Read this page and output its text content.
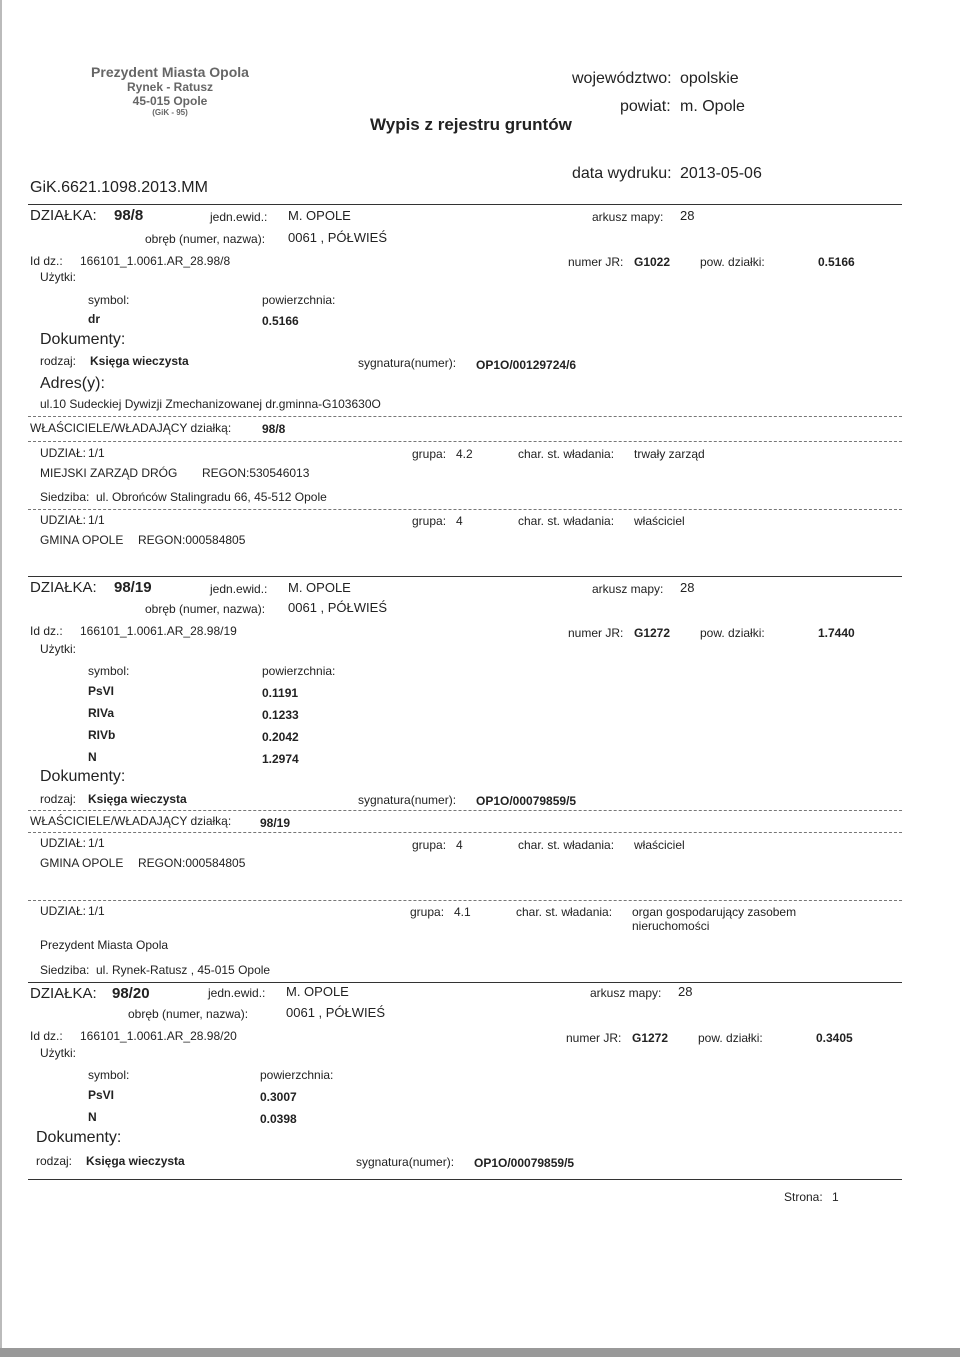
Prezydent Miasta Opola
Rynek - Ratusz
45-015 Opole
(GiK - 95)
Wypis z rejestru gruntów
województwo: opolskie
powiat: m. Opole
data wydruku: 2013-05-06
GiK.6621.1098.2013.MM
DZIAŁKA: 98/8	jedn.ewid.: M. OPOLE	arkusz mapy: 28
obręb (numer, nazwa): 0061 , PÓŁWIEŚ
Id dz.: 166101_1.0061.AR_28.98/8	numer JR: G1022 pow. działki:	0.5166
Użytki:
symbol:	powierzchnia:
dr	0.5166
Dokumenty:
rodzaj: Księga wieczysta	sygnatura(numer): OP1O/00129724/6
Adres(y):
ul.10 Sudeckiej Dywizji Zmechanizowanej dr.gminna-G103630O
WŁAŚCICIELE/WŁADAJĄCY działką:	98/8
UDZIAŁ: 1/1	grupa: 4.2	char. st. władania: trwały zarząd
MIEJSKI ZARZĄD DRÓG REGON:530546013
Siedziba: ul. Obrońców Stalingradu 66, 45-512 Opole
UDZIAŁ: 1/1	grupa: 4	char. st. władania: właściciel
GMINA OPOLE REGON:000584805
DZIAŁKA: 98/19	jedn.ewid.: M. OPOLE	arkusz mapy: 28
obręb (numer, nazwa): 0061 , PÓŁWIEŚ
Id dz.: 166101_1.0061.AR_28.98/19	numer JR: G1272 pow. działki:	1.7440
Użytki:
symbol:	powierzchnia:
PsVI	0.1191
RIVa	0.1233
RIVb	0.2042
N	1.2974
Dokumenty:
rodzaj: Księga wieczysta	sygnatura(numer): OP1O/00079859/5
WŁAŚCICIELE/WŁADAJĄCY działką: 98/19
UDZIAŁ: 1/1	grupa: 4	char. st. władania: właściciel
GMINA OPOLE REGON:000584805
UDZIAŁ: 1/1	grupa: 4.1	char. st. władania: organ gospodarujący zasobem
nieruchomości
Prezydent Miasta Opola
Siedziba: ul. Rynek-Ratusz , 45-015 Opole
DZIAŁKA: 98/20	jedn.ewid.: M. OPOLE	arkusz mapy: 28
obręb (numer, nazwa):	0061 , PÓŁWIEŚ
Id dz.: 166101_1.0061.AR_28.98/20	numer JR: G1272 pow. działki:	0.3405
Użytki:
symbol:	powierzchnia:
PsVI	0.3007
N	0.0398
Dokumenty:
rodzaj: Księga wieczysta	sygnatura(numer): OP1O/00079859/5
Strona: 1
